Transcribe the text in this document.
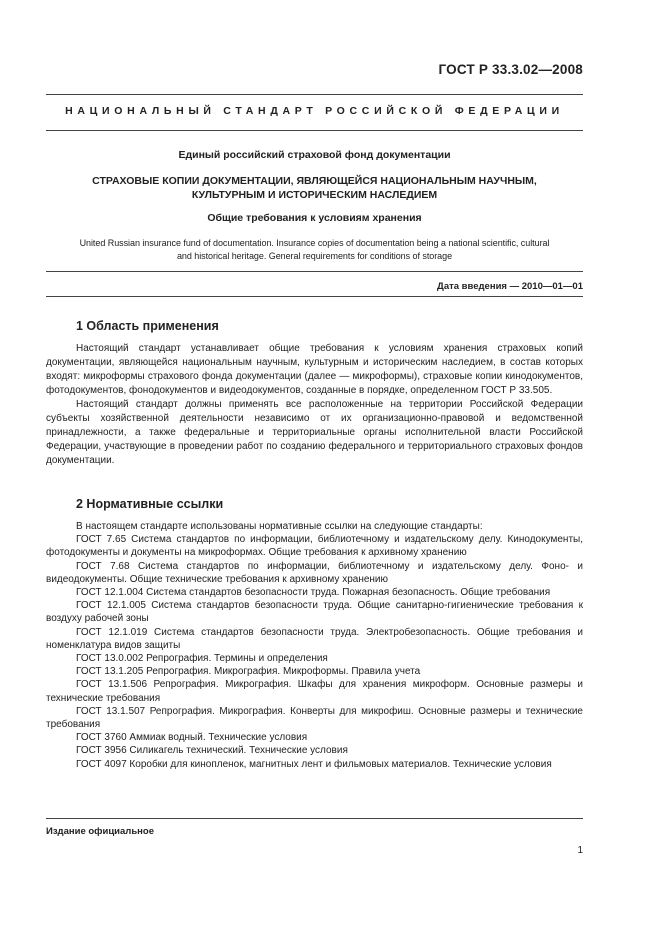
ГОСТ Р 33.3.02—2008
НАЦИОНАЛЬНЫЙ СТАНДАРТ РОССИЙСКОЙ ФЕДЕРАЦИИ
Единый российский страховой фонд документации
СТРАХОВЫЕ КОПИИ ДОКУМЕНТАЦИИ, ЯВЛЯЮЩЕЙСЯ НАЦИОНАЛЬНЫМ НАУЧНЫМ,
КУЛЬТУРНЫМ И ИСТОРИЧЕСКИМ НАСЛЕДИЕМ
Общие требования к условиям хранения
United Russian insurance fund of documentation. Insurance copies of documentation being a national scientific, cultural
and historical heritage. General requirements for conditions of storage
Дата введения — 2010—01—01
1 Область применения

Настоящий стандарт устанавливает общие требования к условиям хранения страховых копий документации, являющейся национальным научным, культурным и историческим наследием, в состав которых входят: микроформы страхового фонда документации (далее — микроформы), страховые копии кинодокументов, фотодокументов, фонодокументов и видеодокументов, созданные в порядке, определенном ГОСТ Р 33.505.

Настоящий стандарт должны применять все расположенные на территории Российской Федерации субъекты хозяйственной деятельности независимо от их организационно-правовой и ведомственной принадлежности, а также федеральные и территориальные органы исполнительной власти Российской Федерации, участвующие в проведении работ по созданию федерального и территориального страховых фондов документации.

2 Нормативные ссылки

В настоящем стандарте использованы нормативные ссылки на следующие стандарты:

ГОСТ 7.65 Система стандартов по информации, библиотечному и издательскому делу. Кинодокументы, фотодокументы и документы на микроформах. Общие требования к архивному хранению

ГОСТ 7.68 Система стандартов по информации, библиотечному и издательскому делу. Фоно- и видеодокументы. Общие технические требования к архивному хранению

ГОСТ 12.1.004 Система стандартов безопасности труда. Пожарная безопасность. Общие требования

ГОСТ 12.1.005 Система стандартов безопасности труда. Общие санитарно-гигиенические требования к воздуху рабочей зоны

ГОСТ 12.1.019 Система стандартов безопасности труда. Электробезопасность. Общие требования и номенклатура видов защиты

ГОСТ 13.0.002 Репрография. Термины и определения

ГОСТ 13.1.205 Репрография. Микрография. Микроформы. Правила учета

ГОСТ 13.1.506 Репрография. Микрография. Шкафы для хранения микроформ. Основные размеры и технические требования

ГОСТ 13.1.507 Репрография. Микрография. Конверты для микрофиш. Основные размеры и технические требования

ГОСТ 3760 Аммиак водный. Технические условия

ГОСТ 3956 Силикагель технический. Технические условия

ГОСТ 4097 Коробки для кинопленок, магнитных лент и фильмовых материалов. Технические условия

Издание официальное
1
